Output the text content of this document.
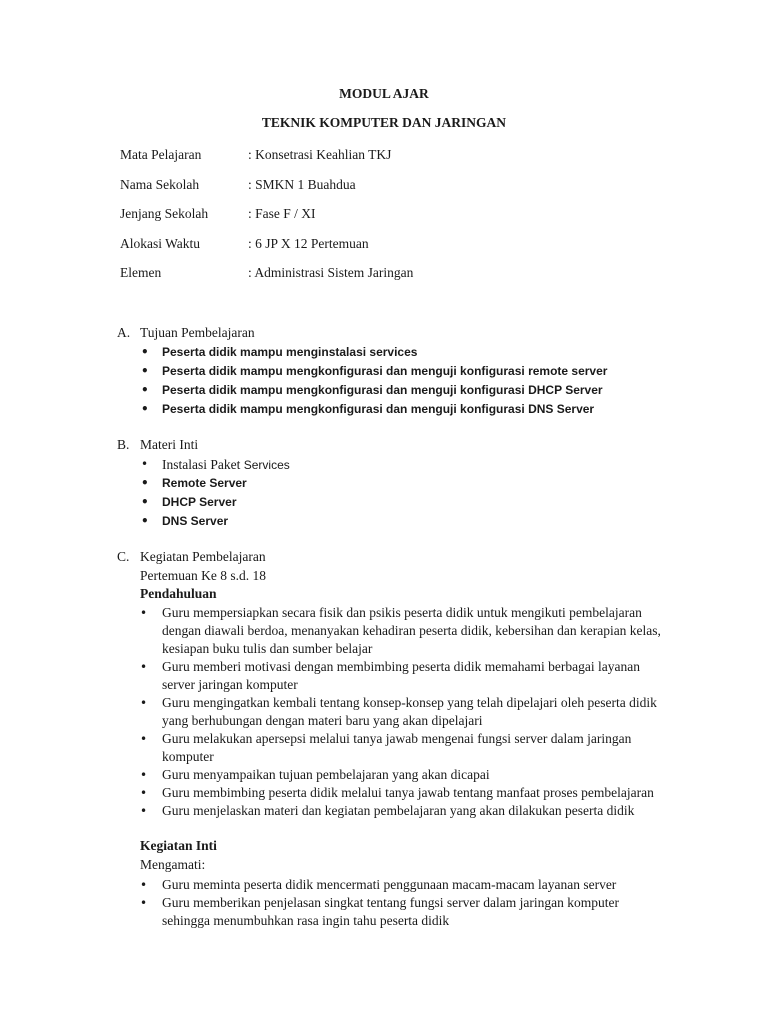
MODUL AJAR
TEKNIK KOMPUTER DAN JARINGAN
Mata Pelajaran	: Konsetrasi Keahlian TKJ
Nama Sekolah	: SMKN 1 Buahdua
Jenjang Sekolah	: Fase F / XI
Alokasi Waktu	: 6 JP X 12 Pertemuan
Elemen	: Administrasi Sistem Jaringan
A. Tujuan Pembelajaran
• Peserta didik mampu menginstalasi services
• Peserta didik mampu mengkonfigurasi dan menguji konfigurasi remote server
• Peserta didik mampu mengkonfigurasi dan menguji konfigurasi DHCP Server
• Peserta didik mampu mengkonfigurasi dan menguji konfigurasi DNS Server
B. Materi Inti
• Instalasi Paket Services
• Remote Server
• DHCP Server
• DNS Server
C. Kegiatan Pembelajaran
Pertemuan Ke 8 s.d. 18
Pendahuluan
• Guru mempersiapkan secara fisik dan psikis peserta didik untuk mengikuti pembelajaran dengan diawali berdoa, menanyakan kehadiran peserta didik, kebersihan dan kerapian kelas, kesiapan buku tulis dan sumber belajar
• Guru memberi motivasi dengan membimbing peserta didik memahami berbagai layanan server jaringan komputer
• Guru mengingatkan kembali tentang konsep-konsep yang telah dipelajari oleh peserta didik yang berhubungan dengan materi baru yang akan dipelajari
• Guru melakukan apersepsi melalui tanya jawab mengenai fungsi server dalam jaringan komputer
• Guru menyampaikan tujuan pembelajaran yang akan dicapai
• Guru membimbing peserta didik melalui tanya jawab tentang manfaat proses pembelajaran
• Guru menjelaskan materi dan kegiatan pembelajaran yang akan dilakukan peserta didik
Kegiatan Inti
Mengamati:
• Guru meminta peserta didik mencermati penggunaan macam-macam layanan server
• Guru memberikan penjelasan singkat tentang fungsi server dalam jaringan komputer sehingga menumbuhkan rasa ingin tahu peserta didik
